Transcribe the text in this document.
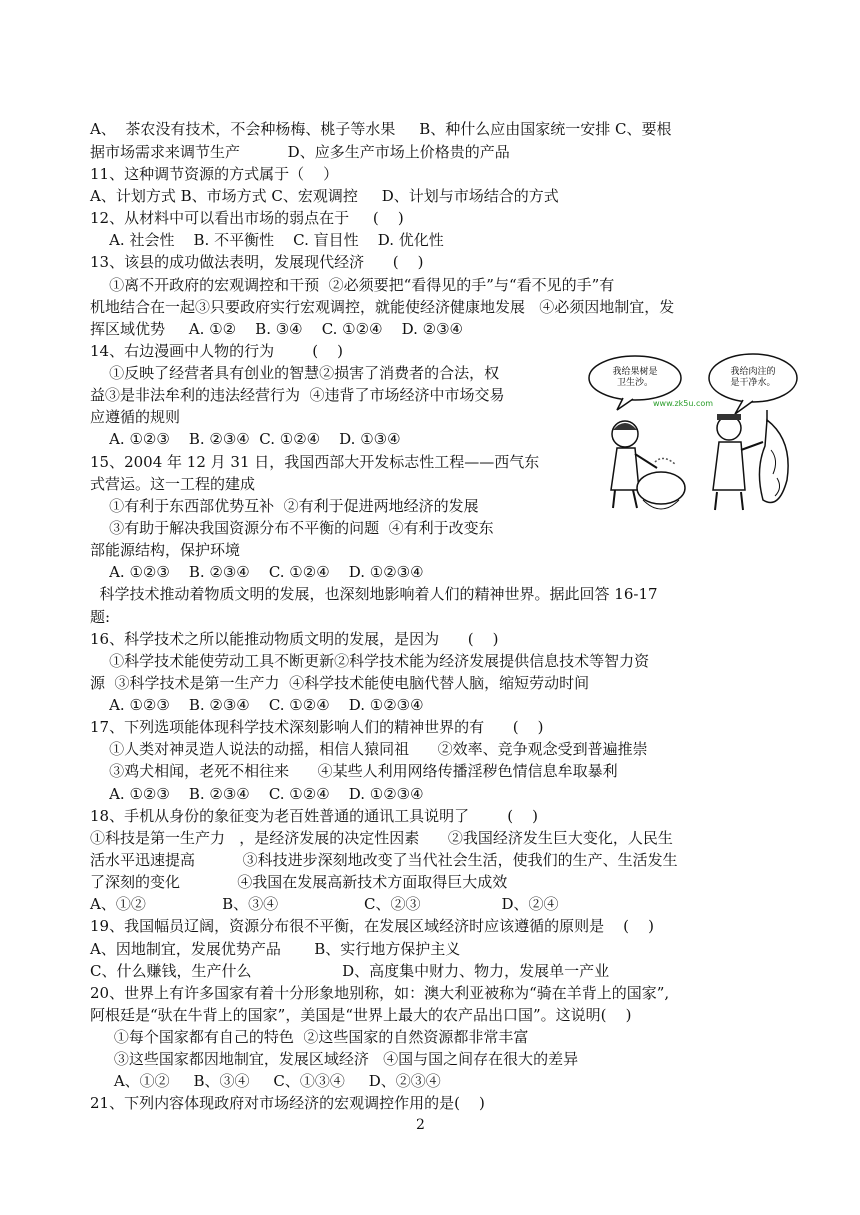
A、  茶农没有技术，不会种杨梅、桃子等水果     B、种什么应由国家统一安排 C、要根
据市场需求来调节生产          D、应多生产市场上价格贵的产品
11、这种调节资源的方式属于（    ）
A、计划方式 B、市场方式 C、宏观调控     D、计划与市场结合的方式
12、从材料中可以看出市场的弱点在于     (    )
A. 社会性    B. 不平衡性    C. 盲目性    D. 优化性
13、该县的成功做法表明，发展现代经济      (    )
①离不开政府的宏观调控和干预  ②必须要把“看得见的手”与“看不见的手”有
机地结合在一起③只要政府实行宏观调控，就能使经济健康地发展   ④必须因地制宜，发
挥区域优势     A. ①②    B. ③④    C. ①②④    D. ②③④
14、右边漫画中人物的行为        (    )
①反映了经营者具有创业的智慧②损害了消费者的合法，权
益③是非法牟利的违法经营行为  ④违背了市场经济中市场交易
应遵循的规则
A. ①②③    B. ②③④  C. ①②④    D. ①③④
15、2004 年 12 月 31 日，我国西部大开发标志性工程——西气东
式营运。这一工程的建成
①有利于东西部优势互补  ②有利于促进两地经济的发展
③有助于解决我国资源分布不平衡的问题  ④有利于改变东
部能源结构，保护环境
A. ①②③    B. ②③④    C. ①②④    D. ①②③④
科学技术推动着物质文明的发展，也深刻地影响着人们的精神世界。据此回答 16-17
题:
16、科学技术之所以能推动物质文明的发展，是因为      (    )
①科学技术能使劳动工具不断更新②科学技术能为经济发展提供信息技术等智力资
源  ③科学技术是第一生产力  ④科学技术能使电脑代替人脑，缩短劳动时间
A. ①②③    B. ②③④    C. ①②④    D. ①②③④
17、下列选项能体现科学技术深刻影响人们的精神世界的有      (    )
①人类对神灵造人说法的动摇，相信人猿同祖      ②效率、竞争观念受到普遍推崇
③鸡犬相闻，老死不相往来      ④某些人利用网络传播淫秽色情信息牟取暴利
A. ①②③    B. ②③④    C. ①②④    D. ①②③④
18、手机从身份的象征变为老百姓普通的通讯工具说明了        (    )
①科技是第一生产力   ，是经济发展的决定性因素      ②我国经济发生巨大变化，人民生
活水平迅速提高          ③科技进步深刻地改变了当代社会生活，使我们的生产、生活发生
了深刻的变化            ④我国在发展高新技术方面取得巨大成效
A、①②                B、③④                  C、②③                 D、②④
19、我国幅员辽阔，资源分布很不平衡，在发展区域经济时应该遵循的原则是    (    )
A、因地制宜，发展优势产品       B、实行地方保护主义
C、什么赚钱，生产什么                   D、高度集中财力、物力，发展单一产业
20、世界上有许多国家有着十分形象地别称，如：澳大利亚被称为“骑在羊背上的国家”,
阿根廷是“驮在牛背上的国家”，美国是“世界上最大的农产品出口国”。这说明(    )
①每个国家都有自己的特色  ②这些国家的自然资源都非常丰富
③这些国家都因地制宜，发展区域经济   ④国与国之间存在很大的差异
A、①②     B、③④     C、①③④     D、②③④
21、下列内容体现政府对市场经济的宏观调控作用的是(    )
我给果树是卫生沙。
我给肉注的是干净水。
www.zk5u.com
2
